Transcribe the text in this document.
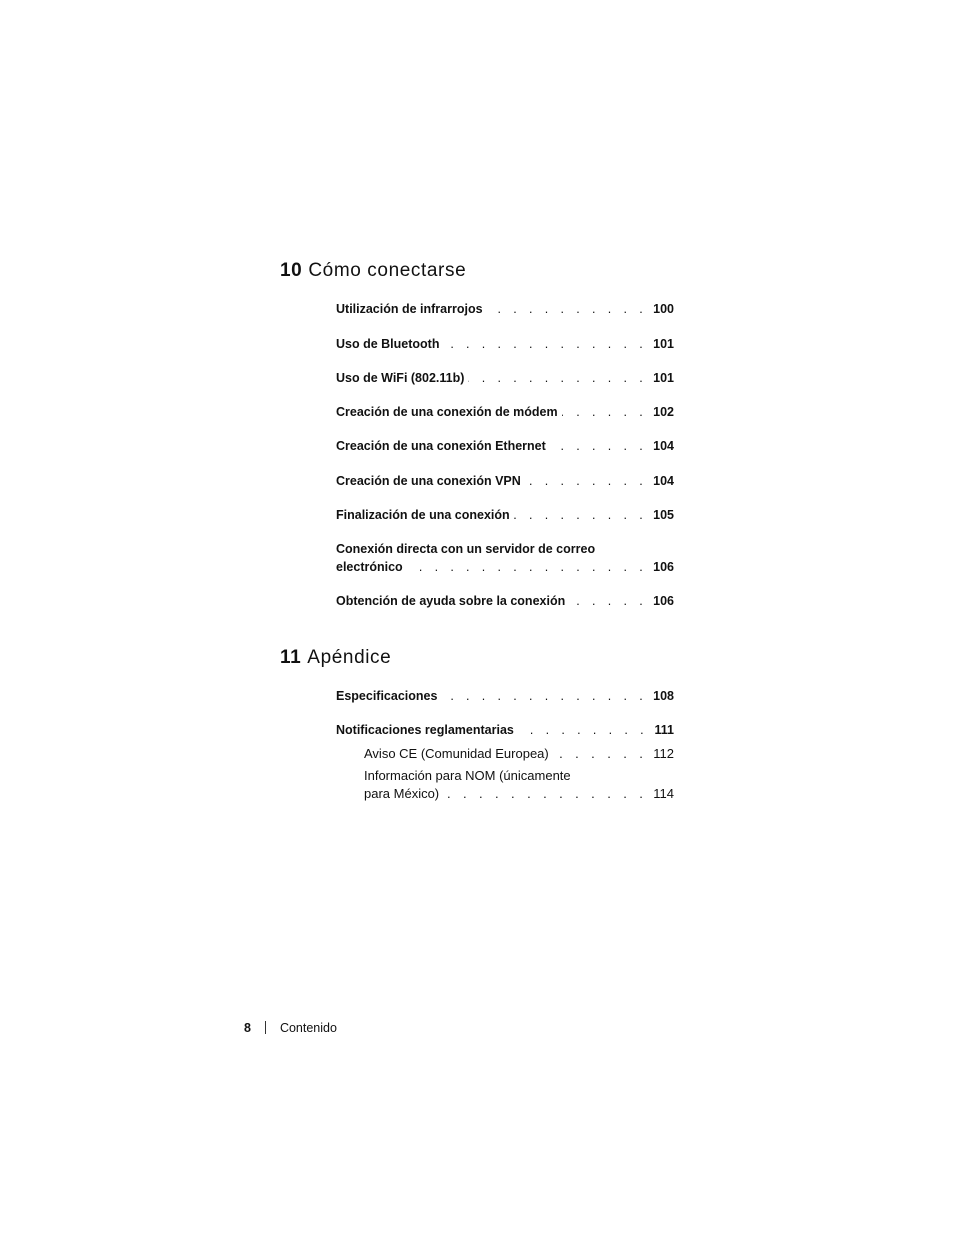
10 Cómo conectarse
Utilización de infrarrojos . . .	100
Uso de Bluetooth . . .	101
Uso de WiFi (802.11b) . . .	101
Creación de una conexión de módem . . .	102
Creación de una conexión Ethernet . . .	104
Creación de una conexión VPN . . .	104
Finalización de una conexión . . .	105
Conexión directa con un servidor de correo
electrónico . . .	106
Obtención de ayuda sobre la conexión . . .	106
11 Apéndice
Especificaciones . . .	108
Notificaciones reglamentarias . . .	111
Aviso CE (Comunidad Europea) . . .	112
Información para NOM (únicamente
para México) . . .	114
8 Contenido
